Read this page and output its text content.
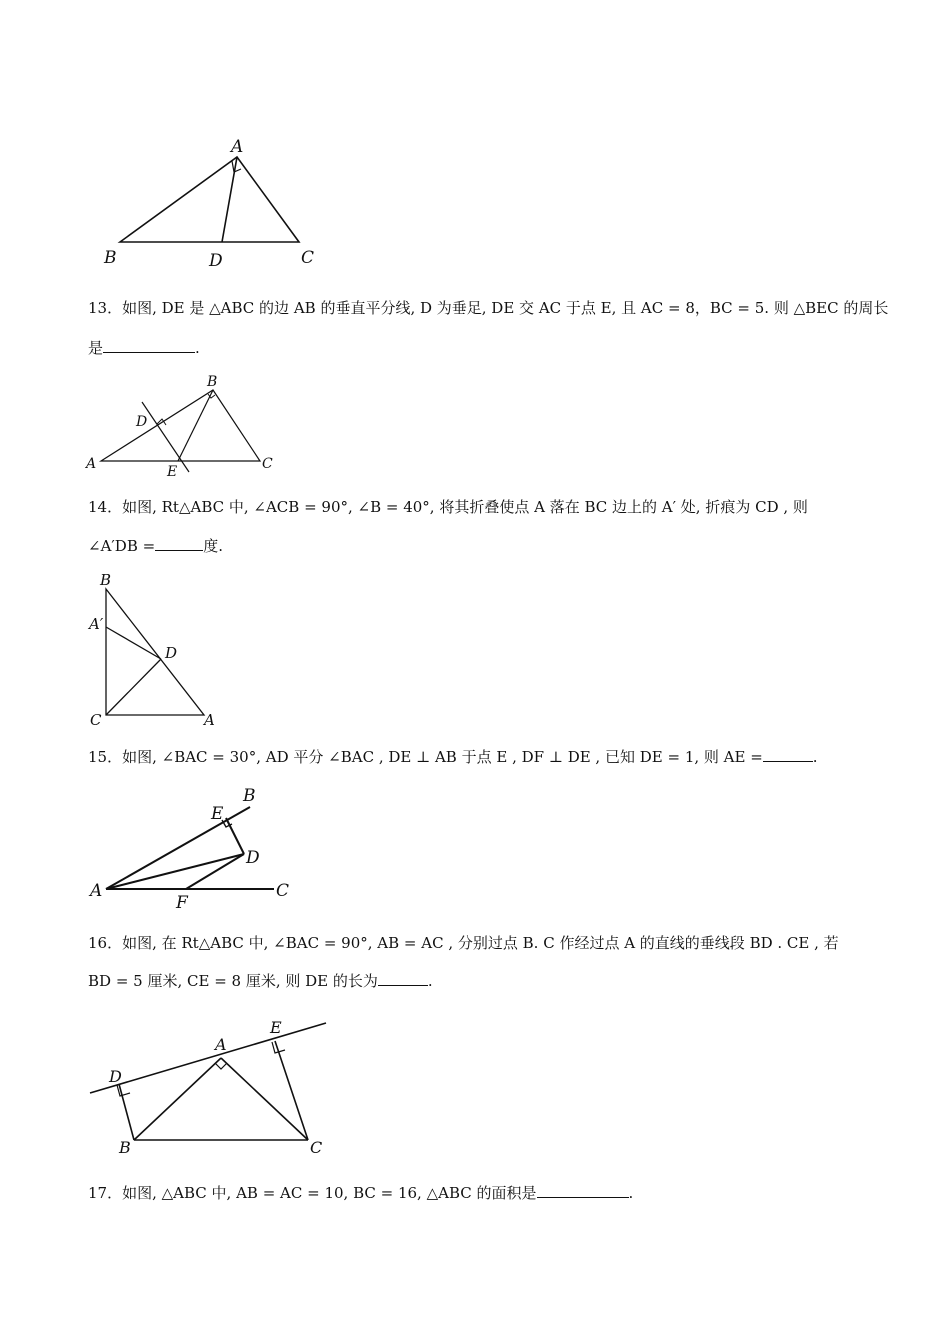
A
B	D	C
13．如图, DE 是 △ABC 的边 AB 的垂直平分线, D 为垂足, DE 交 AC 于点 E, 且 AC = 8，BC = 5. 则 △BEC 的周长
是	.
B
D
A	E	C
14．如图, Rt△ABC 中, ∠ACB = 90°, ∠B = 40°, 将其折叠使点 A 落在 BC 边上的 A′ 处, 折痕为 CD , 则
∠A′DB =	度.
B
A′
D
C	A
15．如图, ∠BAC = 30°, AD 平分 ∠BAC , DE ⊥ AB 于点 E , DF ⊥ DE , 已知 DE = 1, 则 AE =	.
B
E
D
A
F
C
16．如图, 在 Rt△ABC 中, ∠BAC = 90°, AB = AC , 分别过点 B. C 作经过点 A 的直线的垂线段 BD . CE , 若
BD = 5 厘米, CE = 8 厘米, 则 DE 的长为	.
D
A
E
B	C
17．如图, △ABC 中, AB = AC = 10, BC = 16, △ABC 的面积是	.
